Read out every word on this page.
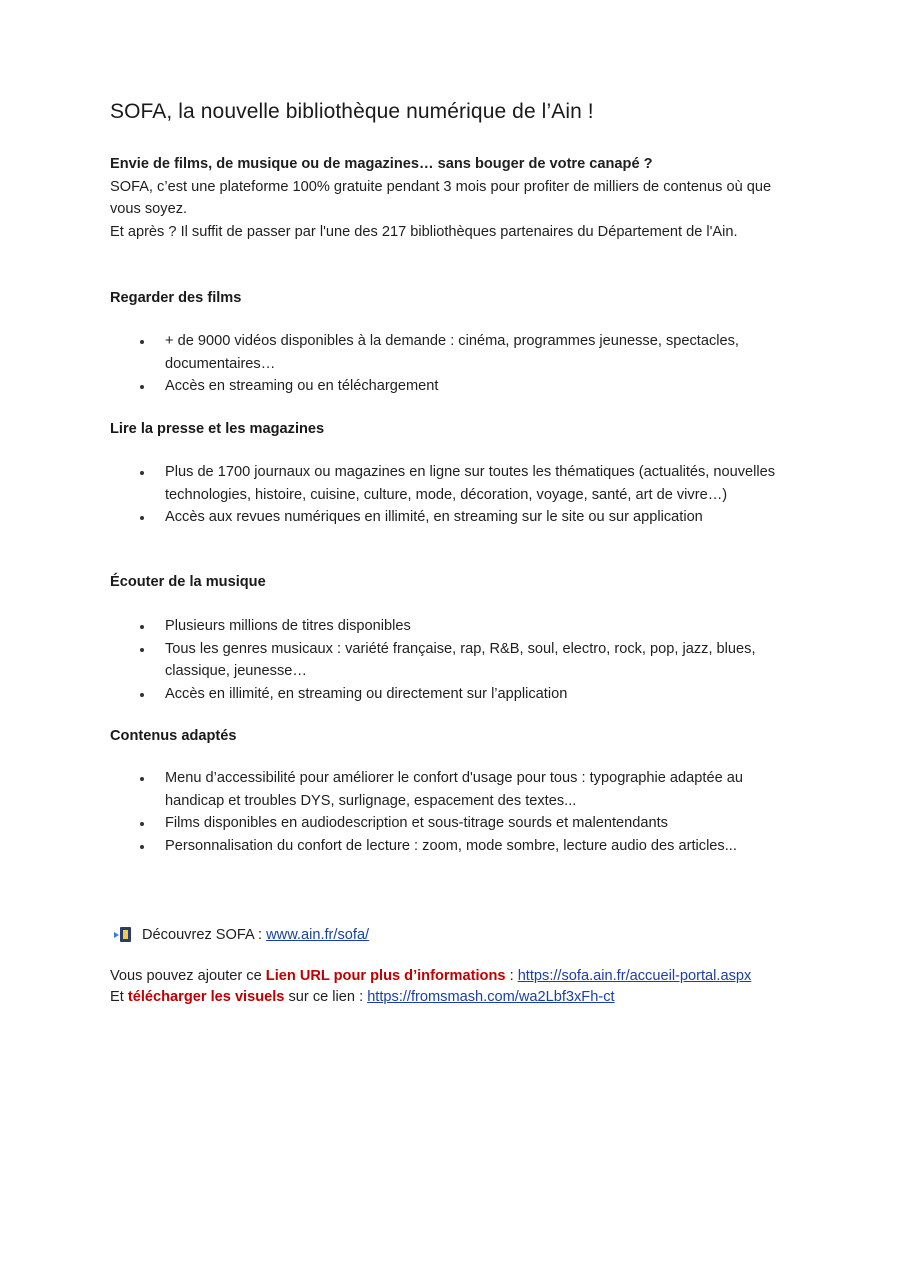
SOFA, la nouvelle bibliothèque numérique de l’Ain !
Envie de films, de musique ou de magazines… sans bouger de votre canapé ?
SOFA, c’est une plateforme 100% gratuite pendant 3 mois pour profiter de milliers de contenus où que vous soyez.
Et après ? Il suffit de passer par l'une des 217 bibliothèques partenaires du Département de l'Ain.
Regarder des films
+ de 9000 vidéos disponibles à la demande : cinéma, programmes jeunesse, spectacles, documentaires…
Accès en streaming ou en téléchargement
Lire la presse et les magazines
Plus de 1700 journaux ou magazines en ligne sur toutes les thématiques (actualités, nouvelles technologies, histoire, cuisine, culture, mode, décoration, voyage, santé, art de vivre…)
Accès aux revues numériques en illimité, en streaming sur le site ou sur application
Écouter de la musique
Plusieurs millions de titres disponibles
Tous les genres musicaux : variété française, rap, R&B, soul, electro, rock, pop, jazz, blues, classique, jeunesse…
Accès en illimité, en streaming ou directement sur l’application
Contenus adaptés
Menu d’accessibilité pour améliorer le confort d'usage pour tous : typographie adaptée au handicap et troubles DYS, surlignage, espacement des textes...
Films disponibles en audiodescription et sous-titrage sourds et malentendants
Personnalisation du confort de lecture : zoom, mode sombre, lecture audio des articles...
Découvrez SOFA :
www.ain.fr/sofa/
Vous pouvez ajouter ce Lien URL pour plus d’informations : https://sofa.ain.fr/accueil-portal.aspx
Et télécharger les visuels sur ce lien : https://fromsmash.com/wa2Lbf3xFh-ct
